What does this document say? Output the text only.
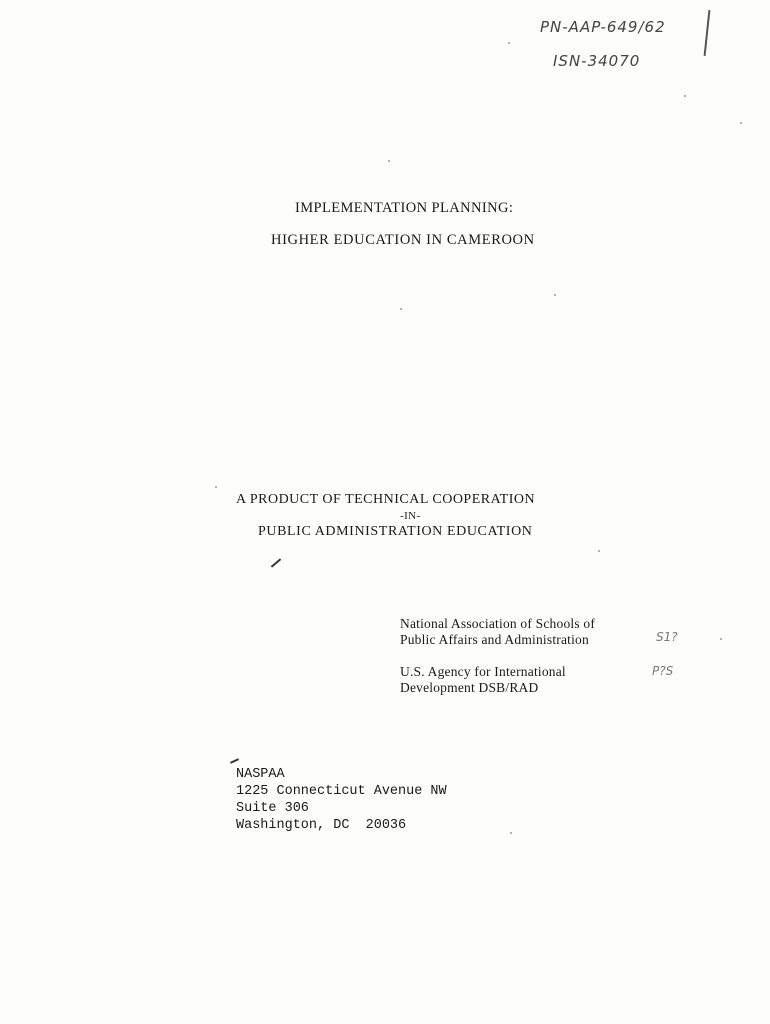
PN-AAP-649/62
ISN-34070
IMPLEMENTATION PLANNING:
HIGHER EDUCATION IN CAMEROON
A PRODUCT OF TECHNICAL COOPERATION
-IN-
PUBLIC ADMINISTRATION EDUCATION
National Association of Schools of
Public Affairs and Administration	S1?
U.S. Agency for International
Development DSB/RAD
P?S
NASPAA
1225 Connecticut Avenue NW
Suite 306
Washington, DC 20036
